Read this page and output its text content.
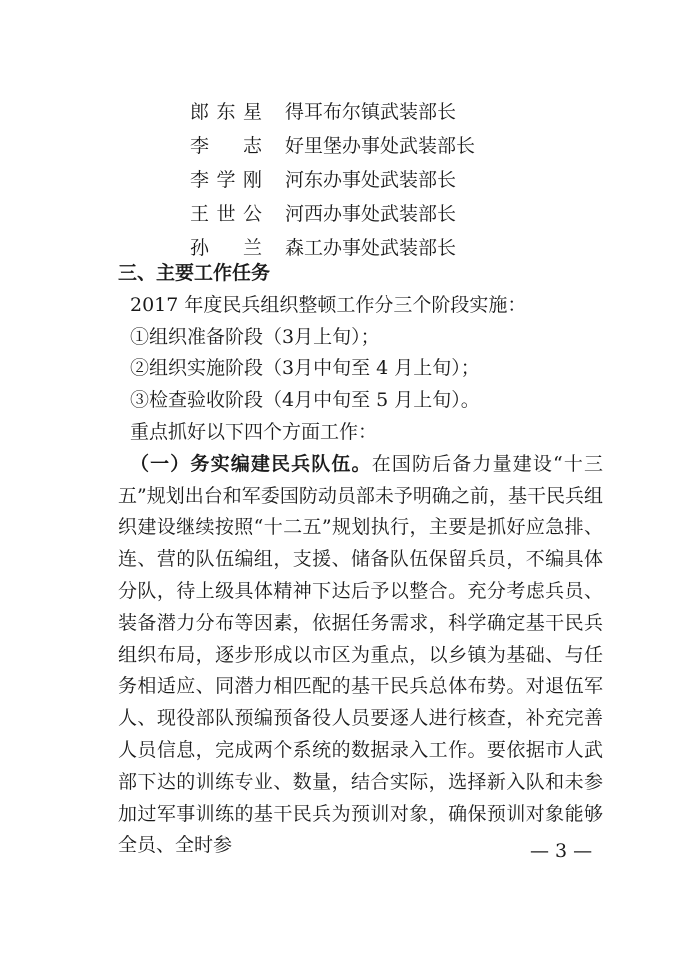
郎东星 得耳布尔镇武装部长
李志 好里堡办事处武装部长
李学刚 河东办事处武装部长
王世公 河西办事处武装部长
孙兰 森工办事处武装部长
三、主要工作任务
2017 年度民兵组织整顿工作分三个阶段实施：
①组织准备阶段（3月上旬）；
②组织实施阶段（3月中旬至 4 月上旬）；
③检查验收阶段（4月中旬至 5 月上旬）。
重点抓好以下四个方面工作：
（一）务实编建民兵队伍。在国防后备力量建设“十三五”规划出台和军委国防动员部未予明确之前，基干民兵组织建设继续按照“十二五”规划执行，主要是抓好应急排、连、营的队伍编组，支援、储备队伍保留兵员，不编具体分队，待上级具体精神下达后予以整合。充分考虑兵员、装备潜力分布等因素，依据任务需求，科学确定基干民兵组织布局，逐步形成以市区为重点，以乡镇为基础、与任务相适应、同潜力相匹配的基干民兵总体布势。对退伍军人、现役部队预编预备役人员要逐人进行核查，补充完善人员信息，完成两个系统的数据录入工作。要依据市人武部下达的训练专业、数量，结合实际，选择新入队和未参加过军事训练的基干民兵为预训对象，确保预训对象能够全员、全时参	— 3 —
